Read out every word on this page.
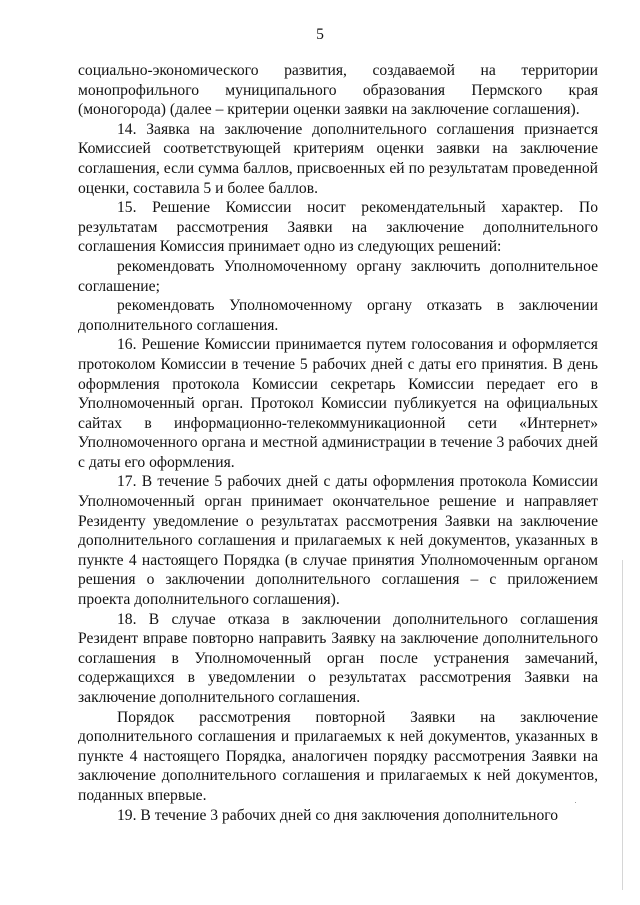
5

социально-экономического развития, создаваемой на территории монопрофильного муниципального образования Пермского края (моногорода) (далее – критерии оценки заявки на заключение соглашения).

14. Заявка на заключение дополнительного соглашения признается Комиссией соответствующей критериям оценки заявки на заключение соглашения, если сумма баллов, присвоенных ей по результатам проведенной оценки, составила 5 и более баллов.

15. Решение Комиссии носит рекомендательный характер. По результатам рассмотрения Заявки на заключение дополнительного соглашения Комиссия принимает одно из следующих решений:

рекомендовать Уполномоченному органу заключить дополнительное соглашение;

рекомендовать Уполномоченному органу отказать в заключении дополнительного соглашения.

16. Решение Комиссии принимается путем голосования и оформляется протоколом Комиссии в течение 5 рабочих дней с даты его принятия. В день оформления протокола Комиссии секретарь Комиссии передает его в Уполномоченный орган. Протокол Комиссии публикуется на официальных сайтах в информационно-телекоммуникационной сети «Интернет» Уполномоченного органа и местной администрации в течение 3 рабочих дней с даты его оформления.

17. В течение 5 рабочих дней с даты оформления протокола Комиссии Уполномоченный орган принимает окончательное решение и направляет Резиденту уведомление о результатах рассмотрения Заявки на заключение дополнительного соглашения и прилагаемых к ней документов, указанных в пункте 4 настоящего Порядка (в случае принятия Уполномоченным органом решения о заключении дополнительного соглашения – с приложением проекта дополнительного соглашения).

18. В случае отказа в заключении дополнительного соглашения Резидент вправе повторно направить Заявку на заключение дополнительного соглашения в Уполномоченный орган после устранения замечаний, содержащихся в уведомлении о результатах рассмотрения Заявки на заключение дополнительного соглашения.

Порядок рассмотрения повторной Заявки на заключение дополнительного соглашения и прилагаемых к ней документов, указанных в пункте 4 настоящего Порядка, аналогичен порядку рассмотрения Заявки на заключение дополнительного соглашения и прилагаемых к ней документов, поданных впервые.

19. В течение 3 рабочих дней со дня заключения дополнительного
